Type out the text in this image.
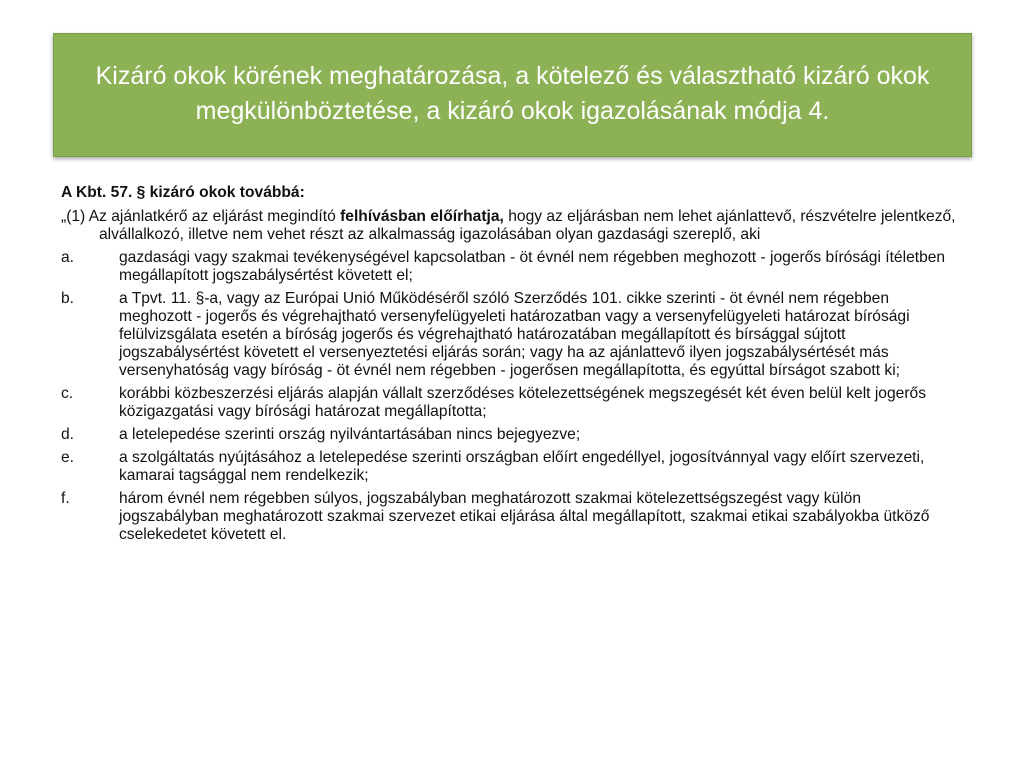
Kizáró okok körének meghatározása, a kötelező és választható kizáró okok megkülönböztetése, a kizáró okok igazolásának módja 4.

A Kbt. 57. § kizáró okok továbbá:

„(1) Az ajánlatkérő az eljárást megindító felhívásban előírhatja, hogy az eljárásban nem lehet ajánlattevő, részvételre jelentkező, alvállalkozó, illetve nem vehet részt az alkalmasság igazolásában olyan gazdasági szereplő, aki

a.	gazdasági vagy szakmai tevékenységével kapcsolatban - öt évnél nem régebben meghozott - jogerős bírósági ítéletben megállapított jogszabálysértést követett el;
b.	a Tpvt. 11. §-a, vagy az Európai Unió Működéséről szóló Szerződés 101. cikke szerinti - öt évnél nem régebben meghozott - jogerős és végrehajtható versenyfelügyeleti határozatban vagy a versenyfelügyeleti határozat bírósági felülvizsgálata esetén a bíróság jogerős és végrehajtható határozatában megállapított és bírsággal sújtott jogszabálysértést követett el versenyeztetési eljárás során; vagy ha az ajánlattevő ilyen jogszabálysértését más versenyhatóság vagy bíróság - öt évnél nem régebben - jogerősen megállapította, és egyúttal bírságot szabott ki;
c.	korábbi közbeszerzési eljárás alapján vállalt szerződéses kötelezettségének megszegését két éven belül kelt jogerős közigazgatási vagy bírósági határozat megállapította;
d.	a letelepedése szerinti ország nyilvántartásában nincs bejegyezve;
e.	a szolgáltatás nyújtásához a letelepedése szerinti országban előírt engedéllyel, jogosítvánnyal vagy előírt szervezeti, kamarai tagsággal nem rendelkezik;
f.	három évnél nem régebben súlyos, jogszabályban meghatározott szakmai kötelezettségszegést vagy külön jogszabályban meghatározott szakmai szervezet etikai eljárása által megállapított, szakmai etikai szabályokba ütköző cselekedetet követett el.
